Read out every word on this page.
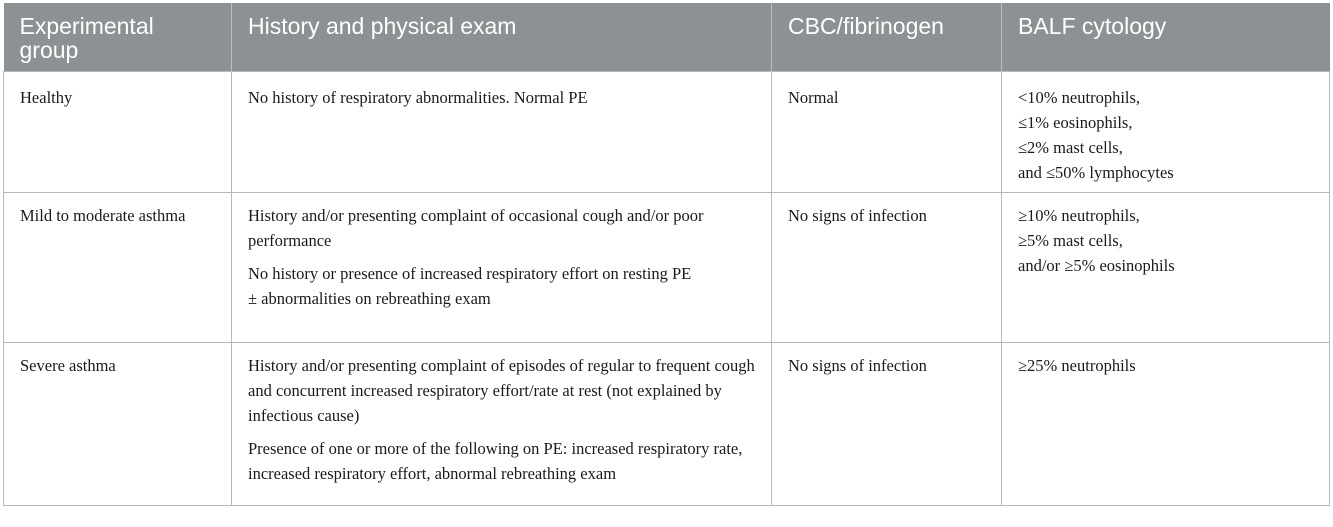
Experimental group	History and physical exam	CBC/fibrinogen	BALF cytology
Healthy	No history of respiratory abnormalities. Normal PE	Normal	<10% neutrophils,
≤1% eosinophils,
≤2% mast cells,
and ≤50% lymphocytes

Mild to moderate asthma	History and/or presenting complaint of occasional cough and/or poor performance
No history or presence of increased respiratory effort on resting PE
± abnormalities on rebreathing exam	No signs of infection	≥10% neutrophils,
≥5% mast cells,
and/or ≥5% eosinophils

Severe asthma	History and/or presenting complaint of episodes of regular to frequent cough and concurrent increased respiratory effort/rate at rest (not explained by infectious cause)
Presence of one or more of the following on PE: increased respiratory rate, increased respiratory effort, abnormal rebreathing exam	No signs of infection	≥25% neutrophils
